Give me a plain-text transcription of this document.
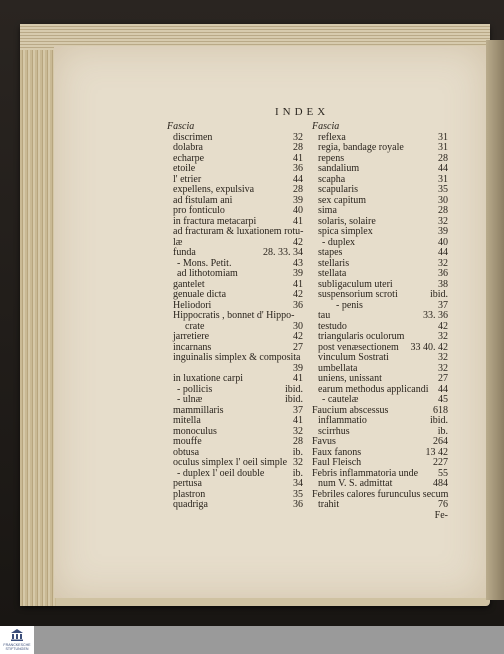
INDEX
Fascia
discrimen	32
dolabra	28
echarpe	41
etoile	36
l' etrier	44
expellens, expulsiva	28
ad fistulam ani	39
pro fonticulo	40
in fractura metacarpi	41
ad fracturam & luxationem rotu-
læ	42
funda	28. 33. 34
- Mons. Petit.	43
ad lithotomiam	39
gantelet	41
genuale dicta	42
Heliodori	36
Hippocratis , bonnet d' Hippo-
crate	30
jarretiere	42
incarnans	27
inguinalis simplex & composita
39
in luxatione carpi	41
- pollicis	ibid.
- ulnæ	ibid.
mammillaris	37
mitella	41
monoculus	32
mouffe	28
obtusa	ib.
oculus simplex l' oeil simple 32
- duplex l' oeil double	ib.
pertusa	34
plastron	35
quadriga	36
Fascia
reflexa	31
regia, bandage royale	31
repens	28
sandalium	44
scapha	31
scapularis	35
sex capitum	30
sima	28
solaris, solaire	32
spica simplex	39
- duplex	40
stapes	44
stellaris	32
stellata	36
subligaculum uteri	38
suspensorium scroti	ibid.
- penis	37
tau	33. 36
testudo	42
triangularis oculorum	32
post venæsectionem 33 40. 42
vinculum Sostrati	32
umbellata	32
uniens, unissant	27
earum methodus applicandi 44
- cautelæ	45
Faucium abscessus	618
inflammatio	ibid.
scirrhus	ib.
Favus	264
Faux fanons	13 42
Faul Fleisch	227
Febris inflammatoria unde 55
num V. S. admittat	484
Febriles calores furunculus secum
trahit	76
Fe-
FRANCKESCHE STIFTUNGEN
